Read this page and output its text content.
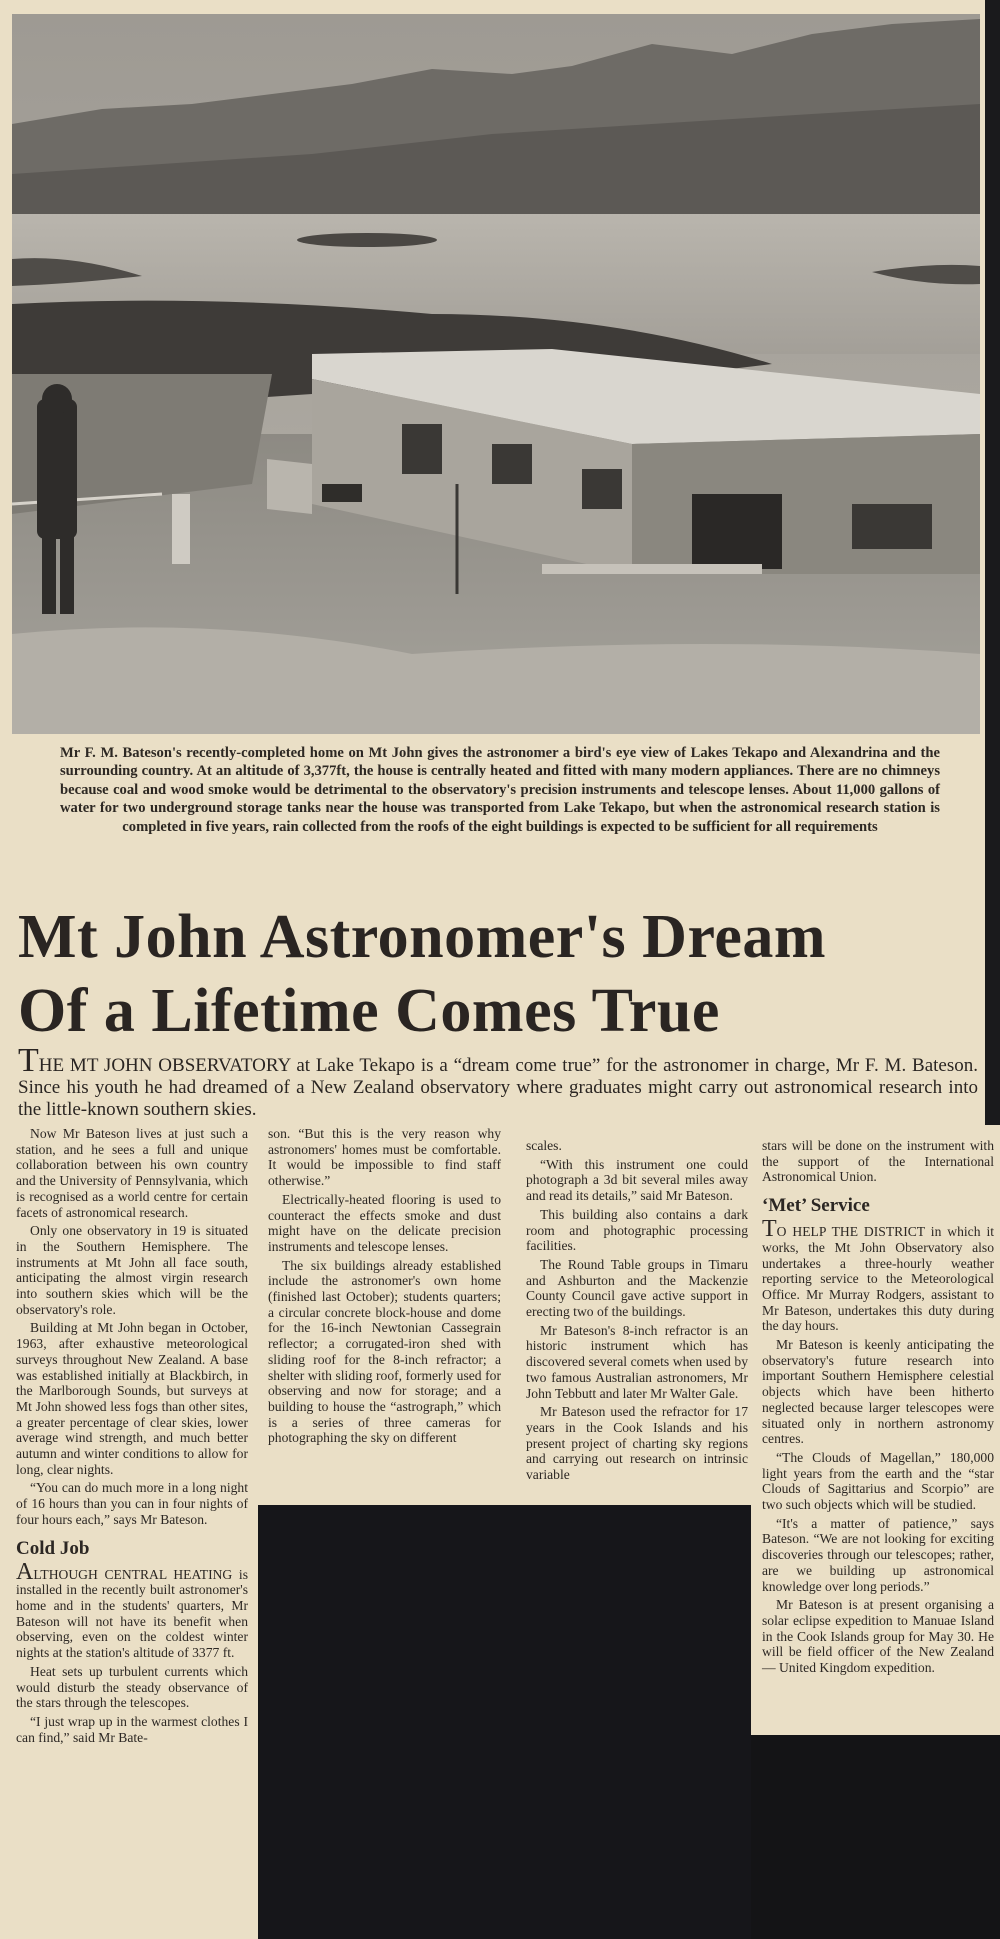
Mr F. M. Bateson's recently-completed home on Mt John gives the astronomer a bird's eye view of Lakes Tekapo and Alexandrina and the surrounding country. At an altitude of 3,377ft, the house is centrally heated and fitted with many modern appliances. There are no chimneys because coal and wood smoke would be detrimental to the observatory's precision instruments and telescope lenses. About 11,000 gallons of water for two underground storage tanks near the house was transported from Lake Tekapo, but when the astronomical research station is completed in five years, rain collected from the roofs of the eight buildings is expected to be sufficient for all requirements
Mt John Astronomer's Dream
Of a Lifetime Comes True
THE MT JOHN OBSERVATORY at Lake Tekapo is a “dream come true” for the astronomer in charge, Mr F. M. Bateson. Since his youth he had dreamed of a New Zealand observatory where graduates might carry out astronomical research into the little-known southern skies.

Now Mr Bateson lives at just such a station, and he sees a full and unique collaboration between his own country and the University of Pennsylvania, which is recognised as a world centre for certain facets of astronomical research.

Only one observatory in 19 is situated in the Southern Hemisphere. The instruments at Mt John all face south, anticipating the almost virgin research into southern skies which will be the observatory's role.

Building at Mt John began in October, 1963, after exhaustive meteorological surveys throughout New Zealand. A base was established initially at Blackbirch, in the Marlborough Sounds, but surveys at Mt John showed less fogs than other sites, a greater percentage of clear skies, lower average wind strength, and much better autumn and winter conditions to allow for long, clear nights.

“You can do much more in a long night of 16 hours than you can in four nights of four hours each,” says Mr Bateson.

Cold Job

ALTHOUGH CENTRAL HEATING is installed in the recently built astronomer's home and in the students' quarters, Mr Bateson will not have its benefit when observing, even on the coldest winter nights at the station's altitude of 3377 ft.

Heat sets up turbulent currents which would disturb the steady observance of the stars through the telescopes.

“I just wrap up in the warmest clothes I can find,” said Mr Bate-

son. “But this is the very reason why astronomers' homes must be comfortable. It would be impossible to find staff otherwise.”

Electrically-heated flooring is used to counteract the effects smoke and dust might have on the delicate precision instruments and telescope lenses.

The six buildings already established include the astronomer's own home (finished last October); students quarters; a circular concrete block-house and dome for the 16-inch Newtonian Cassegrain reflector; a corrugated-iron shed with sliding roof for the 8-inch refractor; a shelter with sliding roof, formerly used for observing and now for storage; and a building to house the “astrograph,” which is a series of three cameras for photographing the sky on different

scales.

“With this instrument one could photograph a 3d bit several miles away and read its details,” said Mr Bateson.

This building also contains a dark room and photographic processing facilities.

The Round Table groups in Timaru and Ashburton and the Mackenzie County Council gave active support in erecting two of the buildings.

Mr Bateson's 8-inch refractor is an historic instrument which has discovered several comets when used by two famous Australian astronomers, Mr John Tebbutt and later Mr Walter Gale.

Mr Bateson used the refractor for 17 years in the Cook Islands and his present project of charting sky regions and carrying out research on intrinsic variable

stars will be done on the instrument with the support of the International Astronomical Union.

‘Met’ Service

TO HELP THE DISTRICT in which it works, the Mt John Observatory also undertakes a three-hourly weather reporting service to the Meteorological Office. Mr Murray Rodgers, assistant to Mr Bateson, undertakes this duty during the day hours.

Mr Bateson is keenly anticipating the observatory's future research into important Southern Hemisphere celestial objects which have been hitherto neglected because larger telescopes were situated only in northern astronomy centres.

“The Clouds of Magellan,” 180,000 light years from the earth and the “star Clouds of Sagittarius and Scorpio” are two such objects which will be studied.

“It's a matter of patience,” says Bateson. “We are not looking for exciting discoveries through our telescopes; rather, are we building up astronomical knowledge over long periods.”

Mr Bateson is at present organising a solar eclipse expedition to Manuae Island in the Cook Islands group for May 30. He will be field officer of the New Zealand — United Kingdom expedition.
